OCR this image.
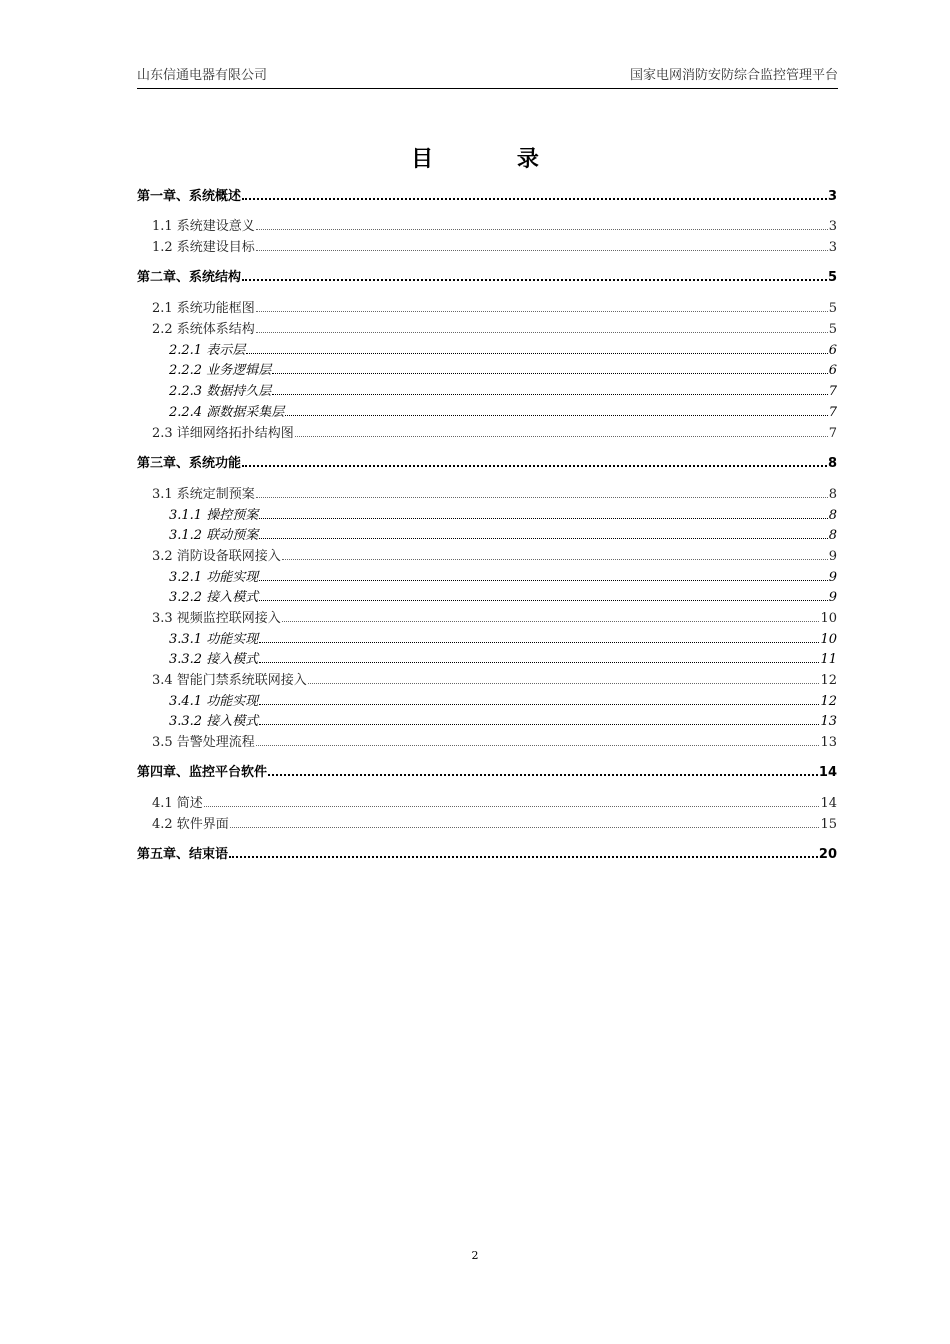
山东信通电器有限公司	国家电网消防安防综合监控管理平台
目 录
第一章、系统概述	3
1.1 系统建设意义	3
1.2 系统建设目标	3
第二章、系统结构	5
2.1 系统功能框图	5
2.2 系统体系结构	5
2.2.1 表示层	6
2.2.2 业务逻辑层	6
2.2.3 数据持久层	7
2.2.4 源数据采集层	7
2.3 详细网络拓扑结构图	7
第三章、系统功能	8
3.1 系统定制预案	8
3.1.1 操控预案	8
3.1.2 联动预案	8
3.2 消防设备联网接入	9
3.2.1 功能实现	9
3.2.2 接入模式	9
3.3 视频监控联网接入	10
3.3.1 功能实现	10
3.3.2 接入模式	11
3.4 智能门禁系统联网接入	12
3.4.1 功能实现	12
3.3.2 接入模式	13
3.5 告警处理流程	13
第四章、监控平台软件	14
4.1 简述	14
4.2 软件界面	15
第五章、结束语	20
2
